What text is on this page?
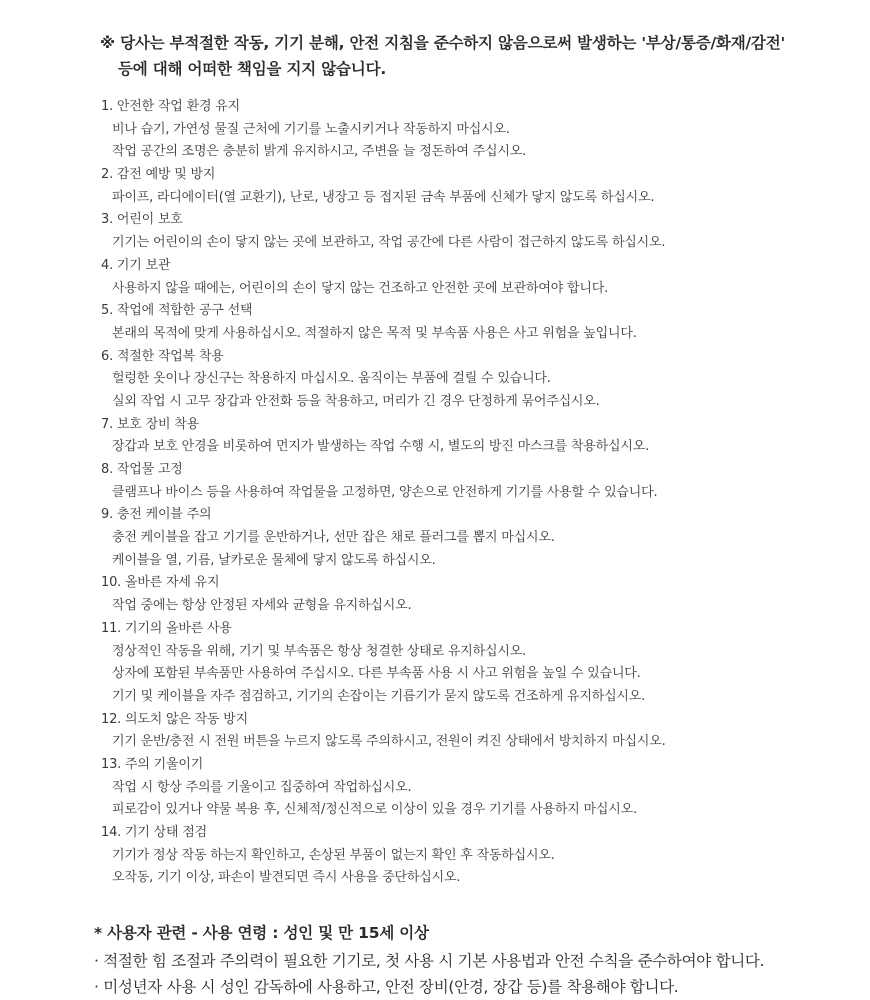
※ 당사는 부적절한 작동, 기기 분해, 안전 지침을 준수하지 않음으로써 발생하는 '부상/통증/화재/감전'
등에 대해 어떠한 책임을 지지 않습니다.
1. 안전한 작업 환경 유지
비나 습기, 가연성 물질 근처에 기기를 노출시키거나 작동하지 마십시오.
작업 공간의 조명은 충분히 밝게 유지하시고, 주변을 늘 정돈하여 주십시오.
2. 감전 예방 및 방지
파이프, 라디에이터(열 교환기), 난로, 냉장고 등 접지된 금속 부품에 신체가 닿지 않도록 하십시오.
3. 어린이 보호
기기는 어린이의 손이 닿지 않는 곳에 보관하고, 작업 공간에 다른 사람이 접근하지 않도록 하십시오.
4. 기기 보관
사용하지 않을 때에는, 어린이의 손이 닿지 않는 건조하고 안전한 곳에 보관하여야 합니다.
5. 작업에 적합한 공구 선택
본래의 목적에 맞게 사용하십시오. 적절하지 않은 목적 및 부속품 사용은 사고 위험을 높입니다.
6. 적절한 작업복 착용
헐렁한 옷이나 장신구는 착용하지 마십시오. 움직이는 부품에 걸릴 수 있습니다.
실외 작업 시 고무 장갑과 안전화 등을 착용하고, 머리가 긴 경우 단정하게 묶어주십시오.
7. 보호 장비 착용
장갑과 보호 안경을 비롯하여 먼지가 발생하는 작업 수행 시, 별도의 방진 마스크를 착용하십시오.
8. 작업물 고정
클램프나 바이스 등을 사용하여 작업물을 고정하면, 양손으로 안전하게 기기를 사용할 수 있습니다.
9. 충전 케이블 주의
충전 케이블을 잡고 기기를 운반하거나, 선만 잡은 채로 플러그를 뽑지 마십시오.
케이블을 열, 기름, 날카로운 물체에 닿지 않도록 하십시오.
10. 올바른 자세 유지
작업 중에는 항상 안정된 자세와 균형을 유지하십시오.
11. 기기의 올바른 사용
정상적인 작동을 위해, 기기 및 부속품은 항상 청결한 상태로 유지하십시오.
상자에 포함된 부속품만 사용하여 주십시오. 다른 부속품 사용 시 사고 위험을 높일 수 있습니다.
기기 및 케이블을 자주 점검하고, 기기의 손잡이는 기름기가 묻지 않도록 건조하게 유지하십시오.
12. 의도치 않은 작동 방지
기기 운반/충전 시 전원 버튼을 누르지 않도록 주의하시고, 전원이 켜진 상태에서 방치하지 마십시오.
13. 주의 기울이기
작업 시 항상 주의를 기울이고 집중하여 작업하십시오.
피로감이 있거나 약물 복용 후, 신체적/정신적으로 이상이 있을 경우 기기를 사용하지 마십시오.
14. 기기 상태 점검
기기가 정상 작동 하는지 확인하고, 손상된 부품이 없는지 확인 후 작동하십시오.
오작동, 기기 이상, 파손이 발견되면 즉시 사용을 중단하십시오.
* 사용자 관련 - 사용 연령 : 성인 및 만 15세 이상
· 적절한 힘 조절과 주의력이 필요한 기기로, 첫 사용 시 기본 사용법과 안전 수칙을 준수하여야 합니다.
· 미성년자 사용 시 성인 감독하에 사용하고, 안전 장비(안경, 장갑 등)를 착용해야 합니다.
